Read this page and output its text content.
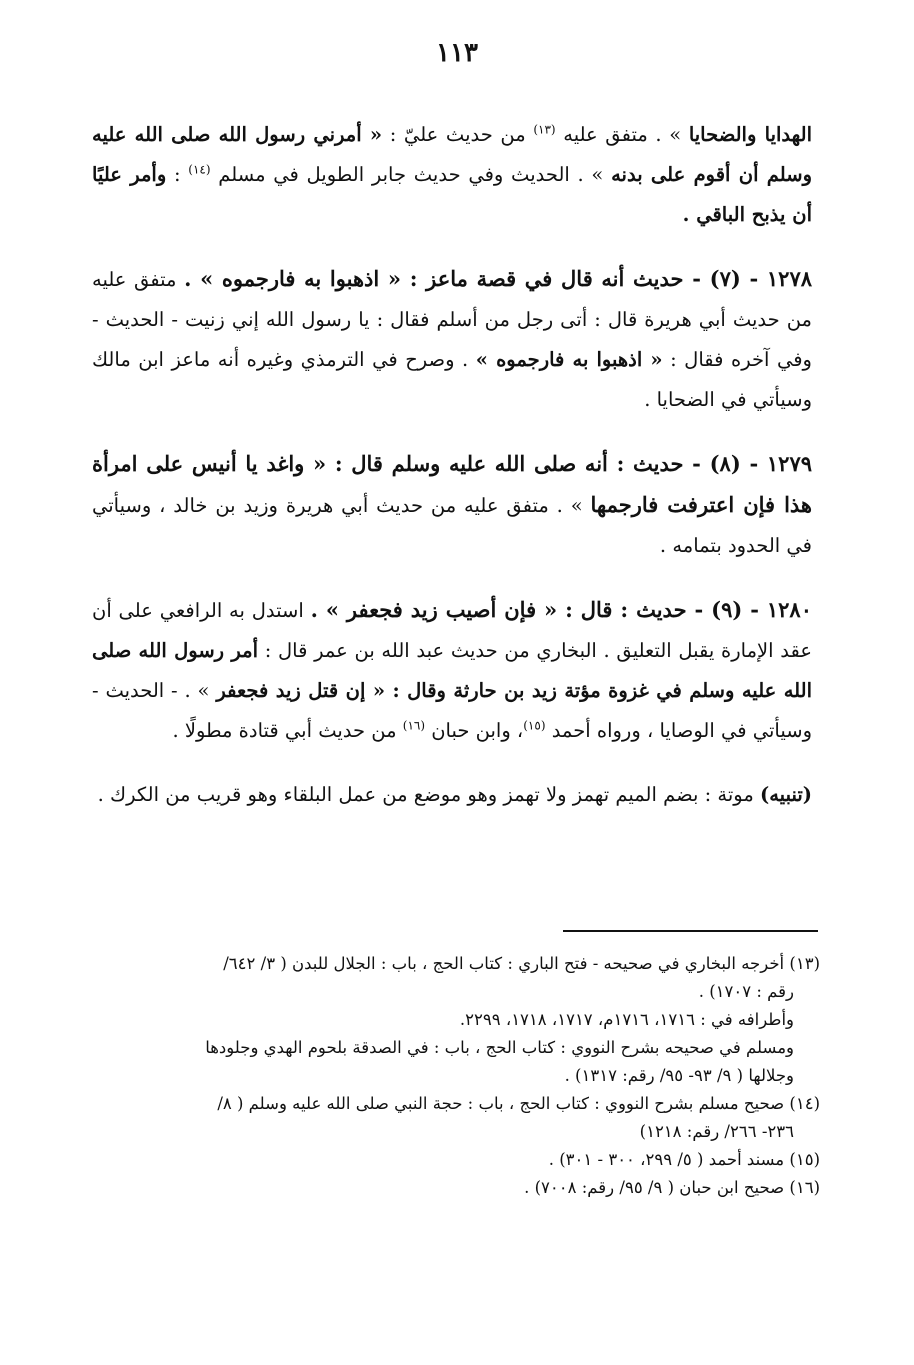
١١٣

الهدايا والضحايا » . متفق عليه $^{(١٣)}$ من حديث عليّ : « أمرني رسول الله صلى الله عليه وسلم أن أقوم على بدنه » . الحديث وفي حديث جابر الطويل في مسلم $^{(١٤)}$ : وأمر عليًا أن يذبح الباقي .

١٢٧٨ - (٧) - حديث أنه قال في قصة ماعز : « اذهبوا به فارجموه » . متفق عليه من حديث أبي هريرة قال : أتى رجل من أسلم فقال : يا رسول الله إني زنيت - الحديث - وفي آخره فقال : « اذهبوا به فارجموه » . وصرح في الترمذي وغيره أنه ماعز ابن مالك وسيأتي في الضحايا .

١٢٧٩ - (٨) - حديث : أنه صلى الله عليه وسلم قال : « واغد يا أنيس على امرأة هذا فإن اعترفت فارجمها » . متفق عليه من حديث أبي هريرة وزيد بن خالد ، وسيأتي في الحدود بتمامه .

١٢٨٠ - (٩) - حديث : قال : « فإن أصيب زيد فجعفر » . استدل به الرافعي على أن عقد الإمارة يقبل التعليق . البخاري من حديث عبد الله بن عمر قال : أمر رسول الله صلى الله عليه وسلم في غزوة مؤتة زيد بن حارثة وقال : « إن قتل زيد فجعفر » . - الحديث - وسيأتي في الوصايا ، ورواه أحمد $^{(١٥)}$، وابن حبان $^{(١٦)}$ من حديث أبي قتادة مطولًا .

(تنبيه) موتة : بضم الميم تهمز ولا تهمز وهو موضع من عمل البلقاء وهو قريب من الكرك .

(١٣) أخرجه البخاري في صحيحه - فتح الباري : كتاب الحج ، باب : الجلال للبدن ( ٣/ ٦٤٢/
رقم : ١٧٠٧) .

وأطرافه في : ١٧١٦، ١٧١٦م، ١٧١٧، ١٧١٨، ٢٢٩٩.

ومسلم في صحيحه بشرح النووي : كتاب الحج ، باب : في الصدقة بلحوم الهدي وجلودها
وجلالها ( ٩/ ٩٣- ٩٥/ رقم: ١٣١٧) .

(١٤) صحيح مسلم بشرح النووي : كتاب الحج ، باب : حجة النبي صلى الله عليه وسلم ( ٨/
٢٣٦- ٢٦٦/ رقم: ١٢١٨)

(١٥) مسند أحمد ( ٥/ ٢٩٩، ٣٠٠ - ٣٠١) .

(١٦) صحيح ابن حبان ( ٩/ ٩٥/ رقم: ٧٠٠٨) .
